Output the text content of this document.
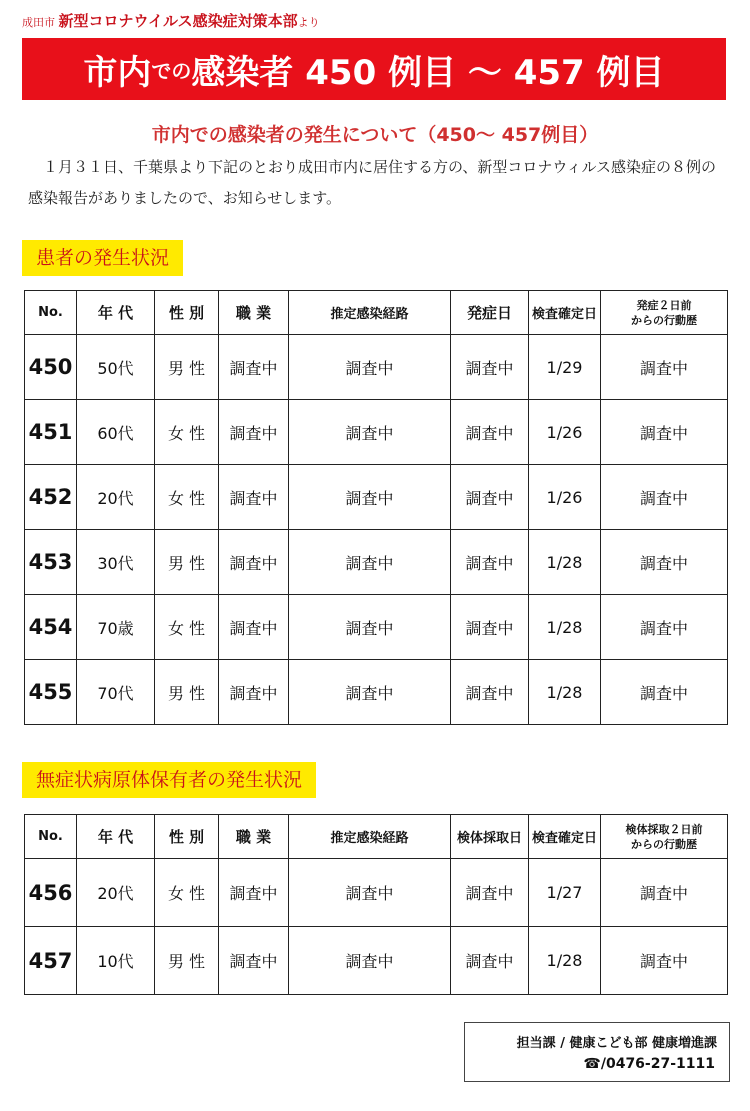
成田市 新型コロナウイルス感染症対策本部より
市内 での 感染者 450 例目 ～ 457 例目
市内での感染者の発生について（450～ 457例目）
　１月３１日、千葉県より下記のとおり成田市内に居住する方の、新型コロナウィルス感染症の８例の感染報告がありましたので、お知らせします。
患者の発生状況
No.	年 代	性 別	職 業	推定感染経路	発症日	検査確定日	発症２日前
からの行動歴
450	50代	男 性	調査中	調査中	調査中	1/29	調査中
451	60代	女 性	調査中	調査中	調査中	1/26	調査中
452	20代	女 性	調査中	調査中	調査中	1/26	調査中
453	30代	男 性	調査中	調査中	調査中	1/28	調査中
454	70歳	女 性	調査中	調査中	調査中	1/28	調査中
455	70代	男 性	調査中	調査中	調査中	1/28	調査中
無症状病原体保有者の発生状況
No.	年 代	性 別	職 業	推定感染経路	検体採取日	検査確定日	検体採取２日前
からの行動歴
456	20代	女 性	調査中	調査中	調査中	1/27	調査中
457	10代	男 性	調査中	調査中	調査中	1/28	調査中
担当課 / 健康こども部 健康増進課
☎/0476-27-1111
